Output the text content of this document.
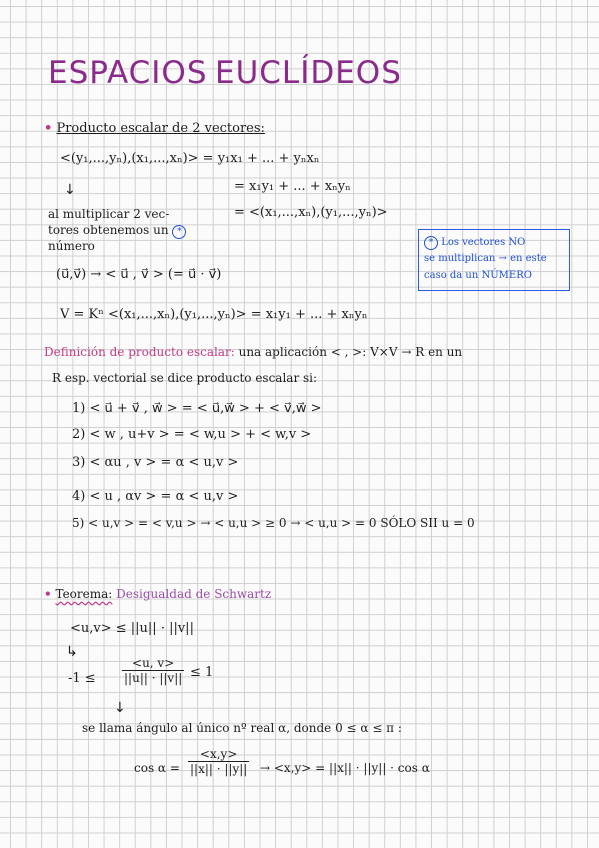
ESPACIOS EUCLÍDEOS
• Producto escalar de 2 vectores:
<(y₁,...,yₙ),(x₁,...,xₙ)> = y₁x₁ + ... + yₙxₙ
↓	= x₁y₁ + ... + xₙyₙ
= <(x₁,...,xₙ),(y₁,...,yₙ)>
al multiplicar 2 vec-
tores obtenemos un *
número	* Los vectores NO
se multiplican → en este
caso da un NÚMERO
(u⃗,v⃗) → < u⃗ , v⃗ > (= u⃗ · v⃗)
V = Kⁿ <(x₁,...,xₙ),(y₁,...,yₙ)> = x₁y₁ + ... + xₙyₙ
Definición de producto escalar: una aplicación < , >: V×V → R en un
R esp. vectorial se dice producto escalar si:
1) < u⃗ + v⃗ , w⃗ > = < u⃗,w⃗ > + < v⃗,w⃗ >
2) < w , u+v > = < w,u > + < w,v >
3) < αu , v > = α < u,v >
4) < u , αv > = α < u,v >
5) < u,v > = < v,u > → < u,u > ≥ 0 → < u,u > = 0 SÓLO SII u = 0
• Teorema: Desigualdad de Schwartz
<u,v> ≤ ||u|| · ||v||
↳
$-1 \le \frac{<u, v>}{||u|| \cdot ||v||} \le 1$
↓
se llama ángulo al único nº real α, donde 0 ≤ α ≤ π :
$\cos \alpha = \frac{<x,y>}{||x|| \cdot ||y||} \to <x,y> = ||x|| \cdot ||y|| \cdot \cos \alpha$
